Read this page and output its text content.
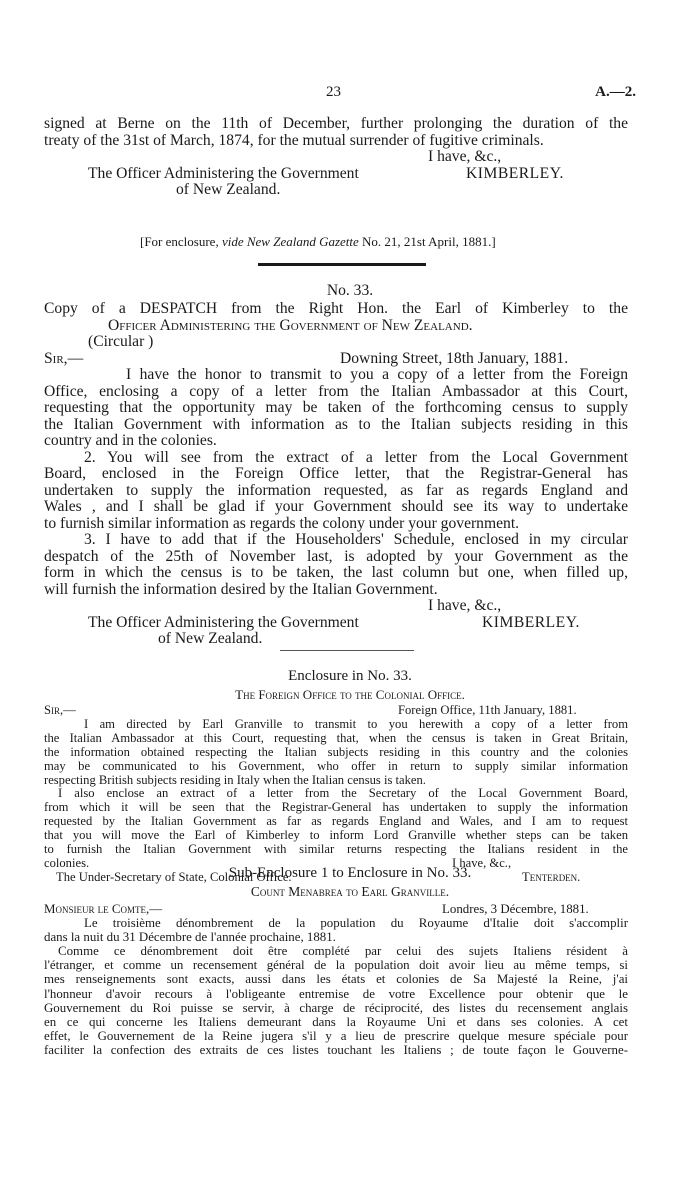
23	A.—2.
signed at Berne on the 11th of December, further prolonging the duration of the
treaty of the 31st of March, 1874, for the mutual surrender of fugitive criminals.
I have, &c.,
The Officer Administering the Government	KIMBERLEY.
of New Zealand.
[For enclosure, vide New Zealand Gazette No. 21, 21st April, 1881.]
No. 33.
Copy of a DESPATCH from the Right Hon. the Earl of Kimberley to the
Officer Administering the Government of New Zealand.
(Circular )
Sir,—	Downing Street, 18th January, 1881.
I have the honor to transmit to you a copy of a letter from the Foreign
Office, enclosing a copy of a letter from the Italian Ambassador at this Court,
requesting that the opportunity may be taken of the forthcoming census to supply
the Italian Government with information as to the Italian subjects residing in this
country and in the colonies.
2. You will see from the extract of a letter from the Local Government
Board, enclosed in the Foreign Office letter, that the Registrar-General has
undertaken to supply the information requested, as far as regards England and
Wales , and I shall be glad if your Government should see its way to undertake
to furnish similar information as regards the colony under your government.
3. I have to add that if the Householders' Schedule, enclosed in my circular
despatch of the 25th of November last, is adopted by your Government as the
form in which the census is to be taken, the last column but one, when filled up,
will furnish the information desired by the Italian Government.
I have, &c.,
The Officer Administering the Government	KIMBERLEY.
of New Zealand.
Enclosure in No. 33.
The Foreign Office to the Colonial Office.
Sir,—	Foreign Office, 11th January, 1881.
I am directed by Earl Granville to transmit to you herewith a copy of a letter from
the Italian Ambassador at this Court, requesting that, when the census is taken in Great Britain,
the information obtained respecting the Italian subjects residing in this country and the colonies
may be communicated to his Government, who offer in return to supply similar information
respecting British subjects residing in Italy when the Italian census is taken.
I also enclose an extract of a letter from the Secretary of the Local Government Board,
from which it will be seen that the Registrar-General has undertaken to supply the information
requested by the Italian Government as far as regards England and Wales, and I am to request
that you will move the Earl of Kimberley to inform Lord Granville whether steps can be taken
to furnish the Italian Government with similar returns respecting the Italians resident in the
colonies.	I have, &c.,
The Under-Secretary of State, Colonial Office.	Tenterden.
Sub-Enclosure 1 to Enclosure in No. 33.
Count Menabrea to Earl Granville.
Monsieur le Comte,—	Londres, 3 Décembre, 1881.
Le troisième dénombrement de la population du Royaume d'Italie doit s'accomplir
dans la nuit du 31 Décembre de l'année prochaine, 1881.
Comme ce dénombrement doit être complété par celui des sujets Italiens résident à
l'étranger, et comme un recensement général de la population doit avoir lieu au même temps, si
mes renseignements sont exacts, aussi dans les états et colonies de Sa Majesté la Reine, j'ai
l'honneur d'avoir recours à l'obligeante entremise de votre Excellence pour obtenir que le
Gouvernement du Roi puisse se servir, à charge de réciprocité, des listes du recensement anglais
en ce qui concerne les Italiens demeurant dans la Royaume Uni et dans ses colonies. A cet
effet, le Gouvernement de la Reine jugera s'il y a lieu de prescrire quelque mesure spéciale pour
faciliter la confection des extraits de ces listes touchant les Italiens ; de toute façon le Gouverne-
